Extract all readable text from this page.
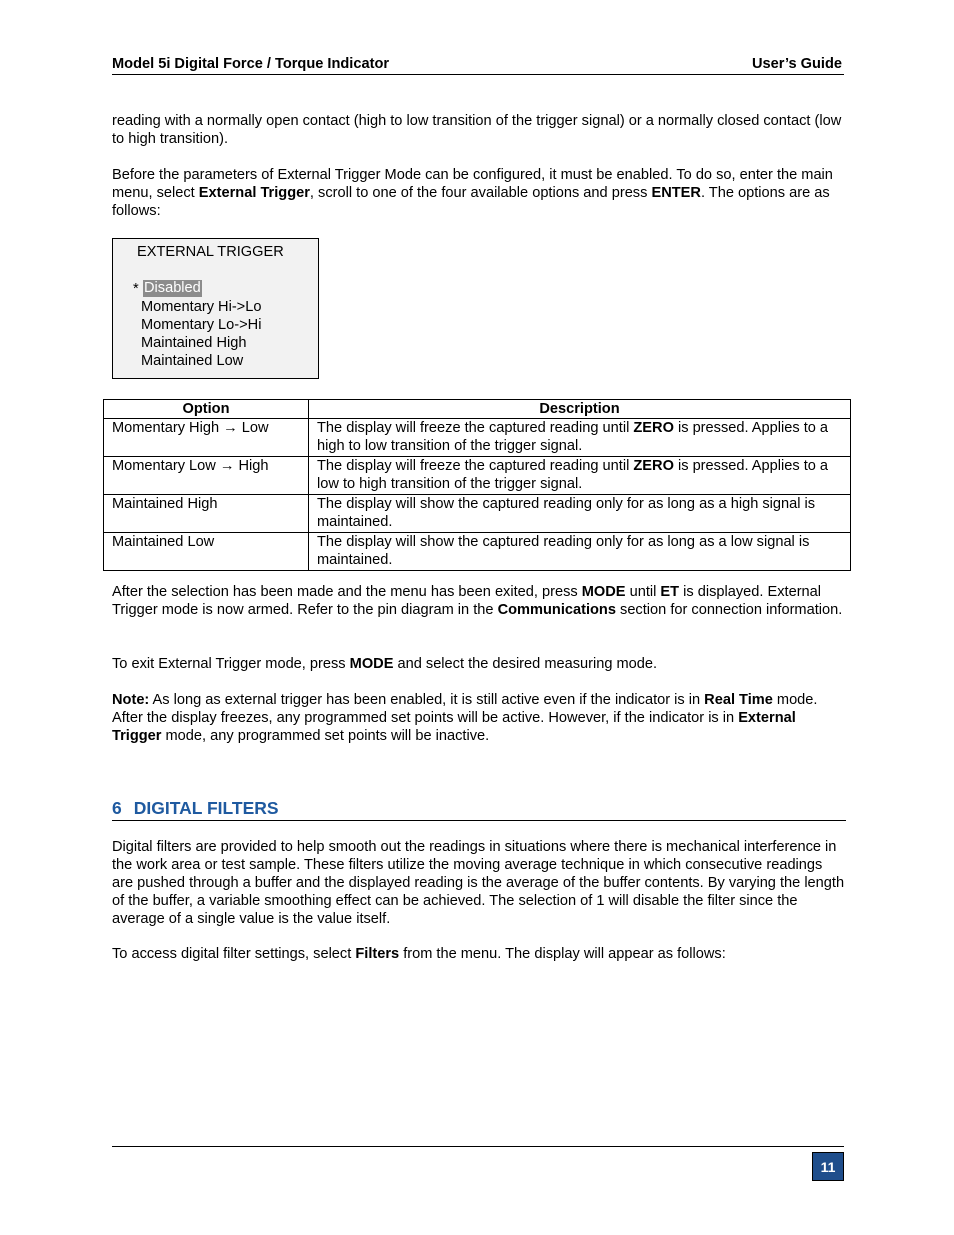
Model 5i Digital Force / Torque Indicator	User’s Guide

reading with a normally open contact (high to low transition of the trigger signal) or a normally closed contact (low to high transition).

Before the parameters of External Trigger Mode can be configured, it must be enabled. To do so, enter the main menu, select External Trigger, scroll to one of the four available options and press ENTER. The options are as follows:

EXTERNAL TRIGGER
* Disabled
Momentary Hi->Lo
Momentary Lo->Hi
Maintained High
Maintained Low
Option	Description
Momentary High → Low	The display will freeze the captured reading until ZERO is pressed. Applies to a high to low transition of the trigger signal.
Momentary Low → High	The display will freeze the captured reading until ZERO is pressed. Applies to a low to high transition of the trigger signal.
Maintained High	The display will show the captured reading only for as long as a high signal is maintained.
Maintained Low	The display will show the captured reading only for as long as a low signal is maintained.

After the selection has been made and the menu has been exited, press MODE until ET is displayed. External Trigger mode is now armed. Refer to the pin diagram in the Communications section for connection information.

To exit External Trigger mode, press MODE and select the desired measuring mode.

Note: As long as external trigger has been enabled, it is still active even if the indicator is in Real Time mode. After the display freezes, any programmed set points will be active. However, if the indicator is in External Trigger mode, any programmed set points will be inactive.

6 DIGITAL FILTERS

Digital filters are provided to help smooth out the readings in situations where there is mechanical interference in the work area or test sample. These filters utilize the moving average technique in which consecutive readings are pushed through a buffer and the displayed reading is the average of the buffer contents. By varying the length of the buffer, a variable smoothing effect can be achieved. The selection of 1 will disable the filter since the average of a single value is the value itself.

To access digital filter settings, select Filters from the menu. The display will appear as follows:

11
